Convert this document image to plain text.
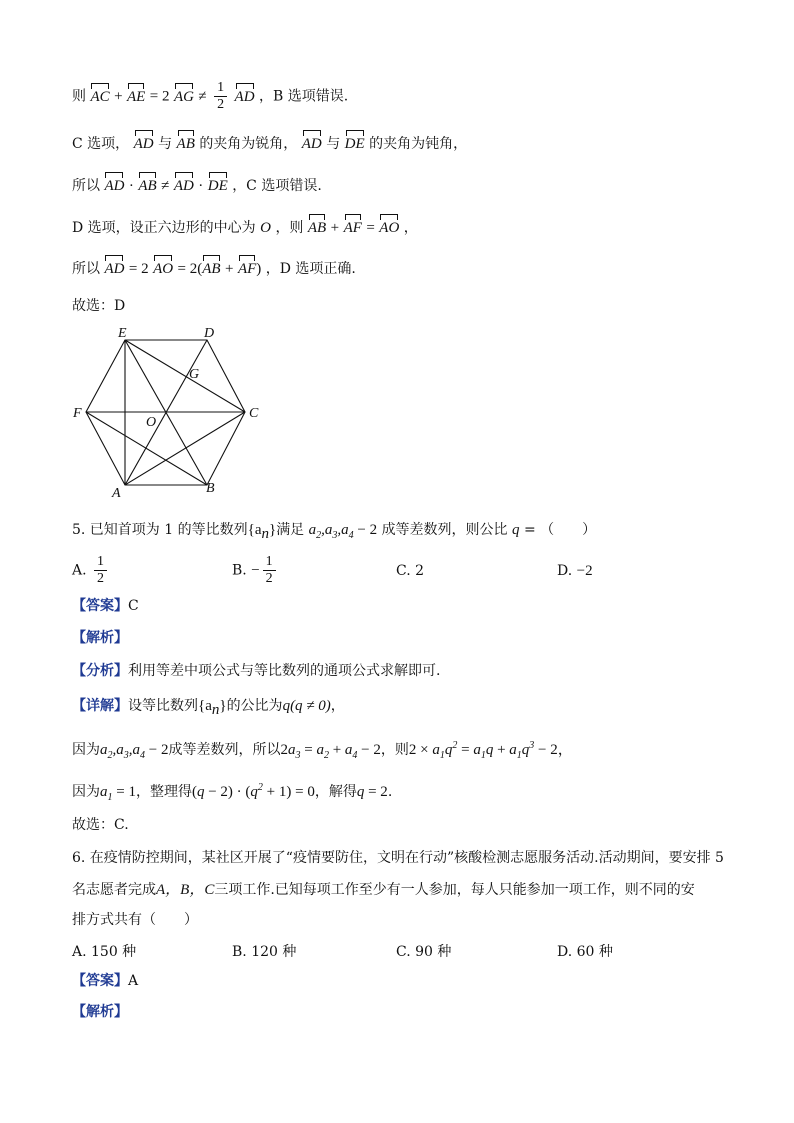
则 AC + AE = 2 AG ≠ $\frac{1}{2}$ AD ，B 选项错误.
C 选项， AD 与 AB 的夹角为锐角， AD 与 DE 的夹角为钝角，
所以 AD · AB ≠ AD · DE ，C 选项错误.
D 选项，设正六边形的中心为 O ，则 AB + AF = AO ，
所以 AD = 2 AO = 2(AB + AF) ，D 选项正确.
故选：D
E	D
G
F
O
C
A	B
5. 已知首项为 1 的等比数列$\{a_n\}$满足 $a_2,a_3,a_4 - 2$ 成等差数列，则公比 q = （　　）
A. $\frac{1}{2}$	B. − $\frac{1}{2}$	C. 2	D. −2
【答案】C
【解析】
【分析】利用等差中项公式与等比数列的通项公式求解即可.
【详解】设等比数列$\{a_n\}$的公比为q(q ≠ 0)，
因为$a_2,a_3,a_4 - 2$成等差数列，所以$2a_3 = a_2 + a_4 - 2$，则$2 \times a_1q^2 = a_1q + a_1q^3 - 2$，
因为$a_1 = 1$，整理得$(q - 2) \cdot (q^2 + 1) = 0$，解得q = 2.
故选：C.
6. 在疫情防控期间，某社区开展了“疫情要防住，文明在行动”核酸检测志愿服务活动.活动期间，要安排 5
名志愿者完成A，B，C三项工作.已知每项工作至少有一人参加，每人只能参加一项工作，则不同的安
排方式共有（　　）
A. 150 种	B. 120 种	C. 90 种	D. 60 种
【答案】A
【解析】
